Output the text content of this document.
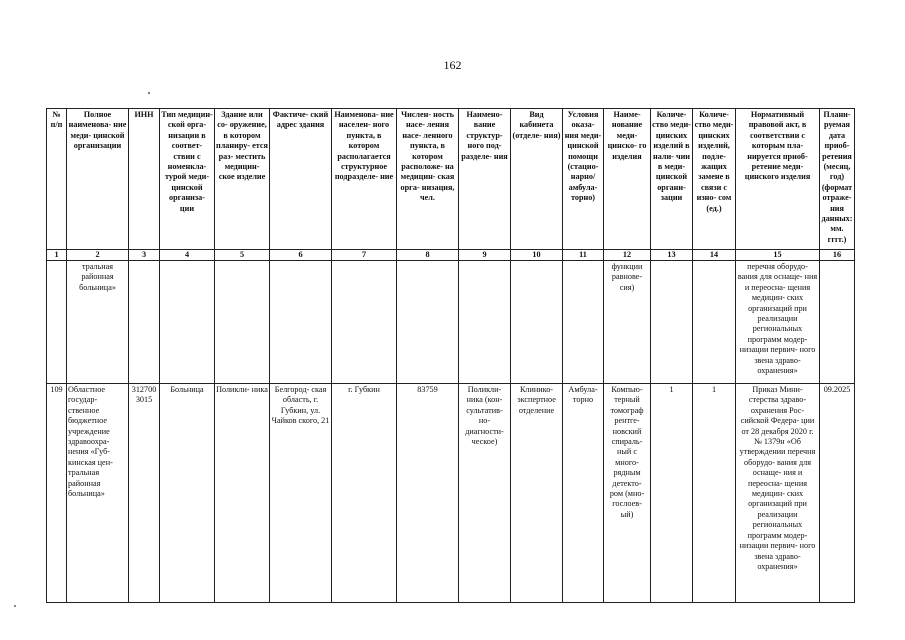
162
№ п/п	Полное наименова- ние меди- цинской организации	ИНН	Тип медицин- ской орга- низации в соответ- ствии с номенкла- турой меди- цинской организа- ции	Здание или со- оружение, в котором планиру- ется раз- местить медицин- ское изделие	Фактиче- ский адрес здания	Наименова- ние населен- ного пункта, в котором располагается структурное подразделе- ние	Числен- ность насе- ления насе- ленного пункта, в котором расположе- на медицин- ская орга- низация, чел.	Наимено- вание структур- ного под- разделе- ния	Вид кабинета (отделе- ния)	Условия оказа- ния меди- цинской помощи (стацио- нарно/ амбула- торно)	Наиме- нование меди- цинско- го изделия	Количе- ство меди- цинских изделий в нали- чии в меди- цинской органи- зации	Количе- ство меди- цинских изделий, подле- жащих замене в связи с изно- сом (ед.)	Нормативный правовой акт, в соответствии с которым пла- нируется приоб- ретение меди- цинского изделия	Плани- руемая дата приоб- ретения (месяц, год) (формат отраже- ния данных: мм. гггг.)
1	2	3	4	5	6	7	8	9	10	11	12	13	14	15	16
	тральная районная больница»										функции равнове- сия)			перечня оборудо- вания для оснаще- ния и переосна- щения медицин- ских организаций при реализации региональных программ модер- низации первич- ного звена здраво- охранения»	
109	Областное государ- ственное бюджетное учреждение здравоохра- нения «Губ- кинская цен- тральная районная больница»	312700 3015	Больница	Поликли- ника	Белгород- ская область, г. Губкин, ул. Чайков ского, 21	г. Губкин	83759	Поликли- ника (кон- сультатив- но- диагности- ческое)	Клинико- экспертное отделение	Амбула- торно	Компью- терный томограф рентге- новский спираль- ный с много- рядным детекто- ром (мно- гослоев- ый)	1	1	Приказ Мини- стерства здраво- охранения Рос- сийской Федера- ции от 28 декабря 2020 г. № 1379н «Об утверждении перечня оборудо- вания для оснаще- ния и переосна- щения медицин- ских организаций при реализации региональных программ модер- низации первич- ного звена здраво- охранения»	09.2025
